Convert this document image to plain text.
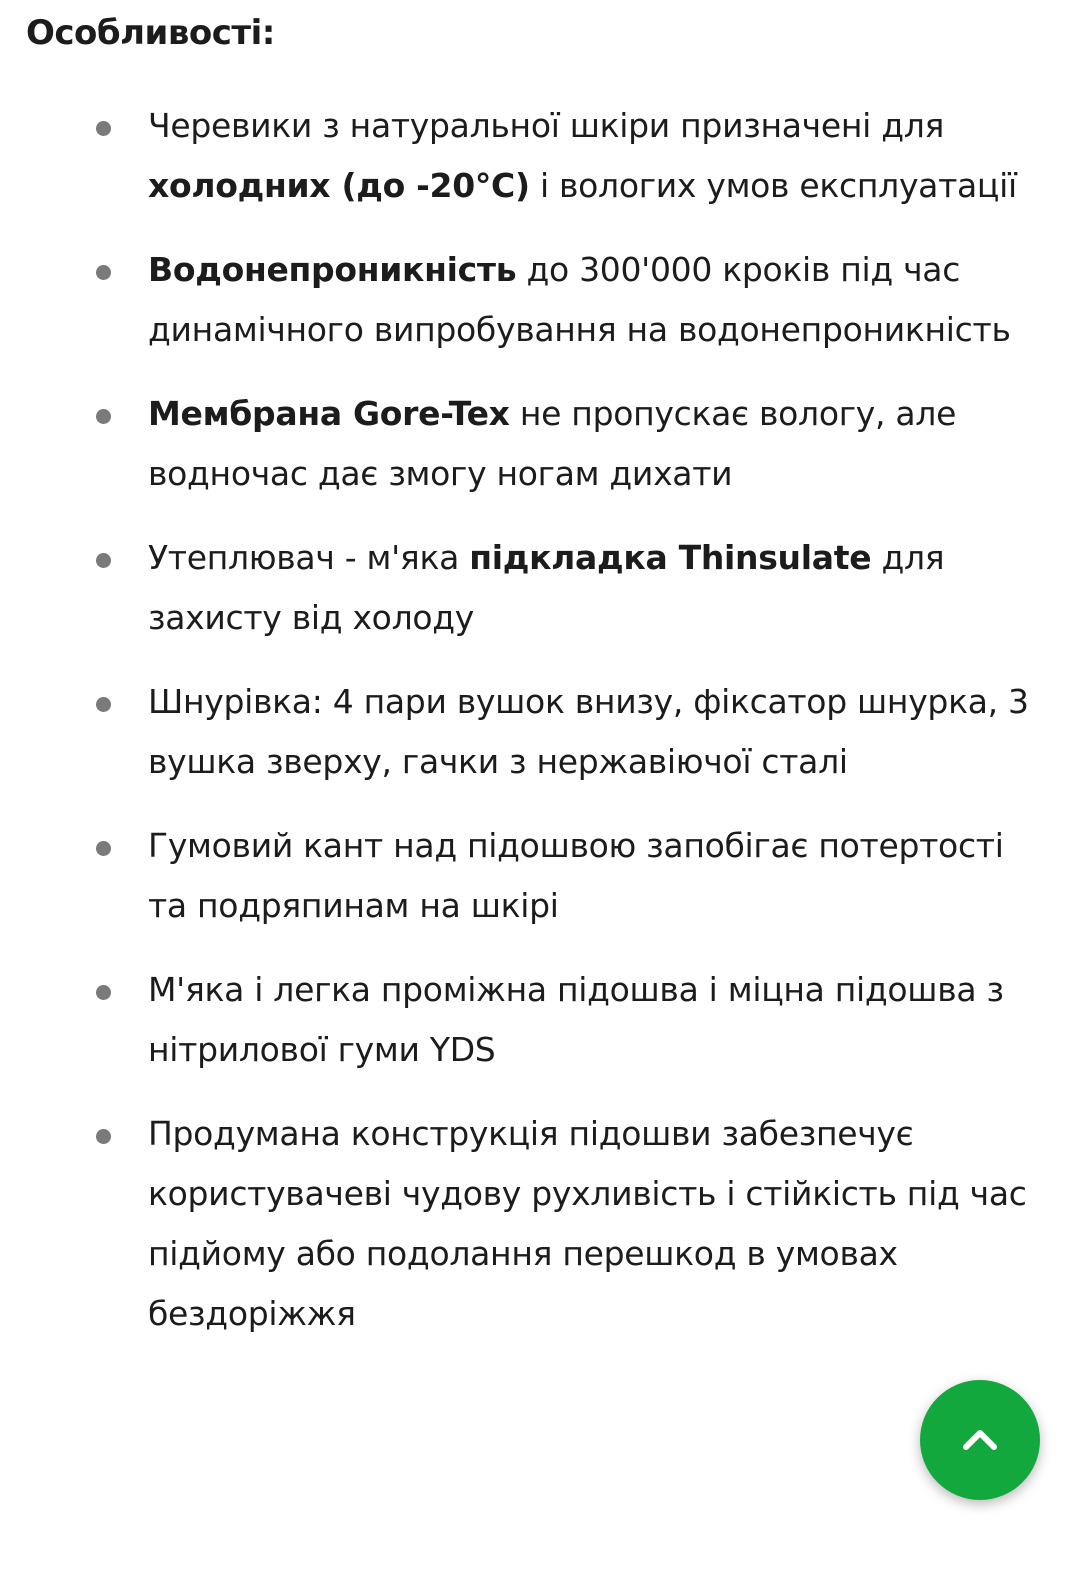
Особливості:
Черевики з натуральної шкіри призначені для холодних (до -20°C) і вологих умов експлуатації
Водонепроникність до 300'000 кроків під час динамічного випробування на водонепроникність
Мембрана Gore-Tex не пропускає вологу, але водночас дає змогу ногам дихати
Утеплювач - м'яка підкладка Thinsulate для захисту від холоду
Шнурівка: 4 пари вушок внизу, фіксатор шнурка, 3 вушка зверху, гачки з нержавіючої сталі
Гумовий кант над підошвою запобігає потертості та подряпинам на шкірі
М'яка і легка проміжна підошва і міцна підошва з нітрилової гуми YDS
Продумана конструкція підошви забезпечує користувачеві чудову рухливість і стійкість під час підйому або подолання перешкод в умовах бездоріжжя
